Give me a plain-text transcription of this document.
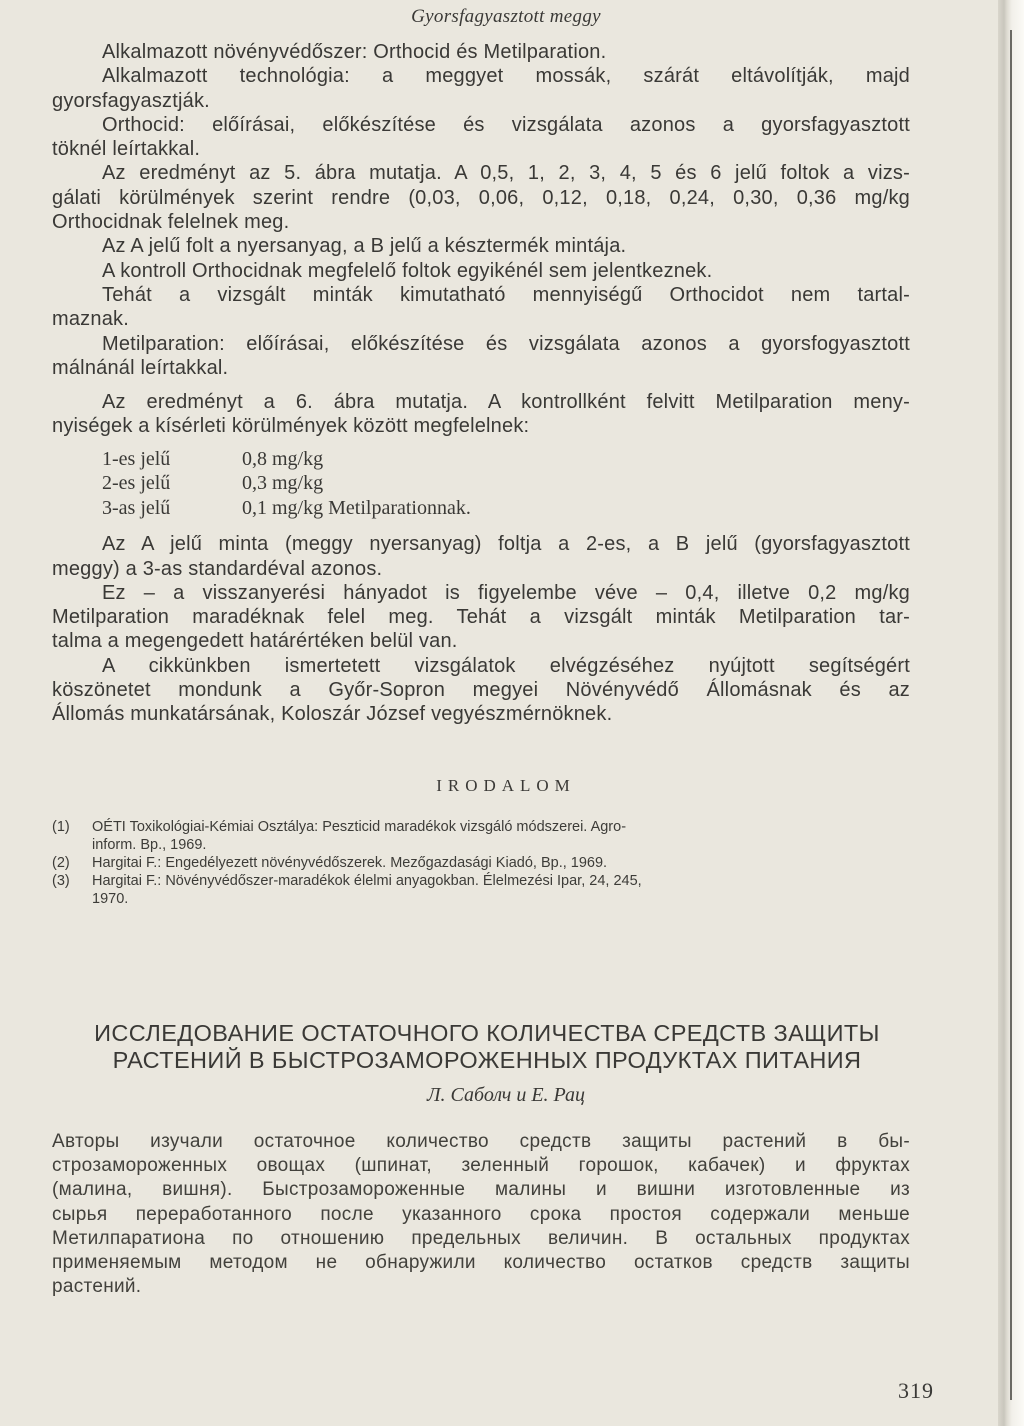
Gyorsfagyasztott meggy

Alkalmazott növényvédőszer: Orthocid és Metilparation.

Alkalmazott technológia: a meggyet mossák, szárát eltávolítják, majd

gyorsfagyasztják.

Orthocid: előírásai, előkészítése és vizsgálata azonos a gyorsfagyasztott

töknél leírtakkal.

Az eredményt az 5. ábra mutatja. A 0,5, 1, 2, 3, 4, 5 és 6 jelű foltok a vizs-

gálati körülmények szerint rendre (0,03, 0,06, 0,12, 0,18, 0,24, 0,30, 0,36 mg/kg

Orthocidnak felelnek meg.

Az A jelű folt a nyersanyag, a B jelű a késztermék mintája.

A kontroll Orthocidnak megfelelő foltok egyikénél sem jelentkeznek.

Tehát a vizsgált minták kimutatható mennyiségű Orthocidot nem tartal-

maznak.

Metilparation: előírásai, előkészítése és vizsgálata azonos a gyorsfogyasztott

málnánál leírtakkal.

Az eredményt a 6. ábra mutatja. A kontrollként felvitt Metilparation meny-

nyiségek a kísérleti körülmények között megfelelnek:

1-es jelű	0,8 mg/kg
2-es jelű	0,3 mg/kg
3-as jelű	0,1 mg/kg Metilparationnak.

Az A jelű minta (meggy nyersanyag) foltja a 2-es, a B jelű (gyorsfagyasztott

meggy) a 3-as standardéval azonos.

Ez – a visszanyerési hányadot is figyelembe véve – 0,4, illetve 0,2 mg/kg

Metilparation maradéknak felel meg. Tehát a vizsgált minták Metilparation tar-

talma a megengedett határértéken belül van.

A cikkünkben ismertetett vizsgálatok elvégzéséhez nyújtott segítségért

köszönetet mondunk a Győr-Sopron megyei Növényvédő Állomásnak és az

Állomás munkatársának, Koloszár József vegyészmérnöknek.

IRODALOM
(1) OÉTI Toxikológiai-Kémiai Osztálya: Peszticid maradékok vizsgáló módszerei. Agro-
inform. Bp., 1969.
(2) Hargitai F.: Engedélyezett növényvédőszerek. Mezőgazdasági Kiadó, Bp., 1969.
(3) Hargitai F.: Növényvédőszer-maradékok élelmi anyagokban. Élelmezési Ipar, 24, 245,
1970.
ИССЛЕДОВАНИЕ ОСТАТОЧНОГО КОЛИЧЕСТВА СРЕДСТВ ЗАЩИТЫ
РАСТЕНИЙ В БЫСТРОЗАМОРОЖЕННЫХ ПРОДУКТАХ ПИТАНИЯ
Л. Саболч и Е. Рац
Авторы изучали остаточное количество средств защиты растений в бы-
строзамороженных овощах (шпинат, зеленный горошок, кабачек) и фруктах
(малина, вишня). Быстрозамороженные малины и вишни изготовленные из
сырья переработанного после указанного срока простоя содержали меньше
Метилпаратиона по отношению предельных величин. В остальных продуктах
применяемым методом не обнаружили количество остатков средств защиты
растений.
319
